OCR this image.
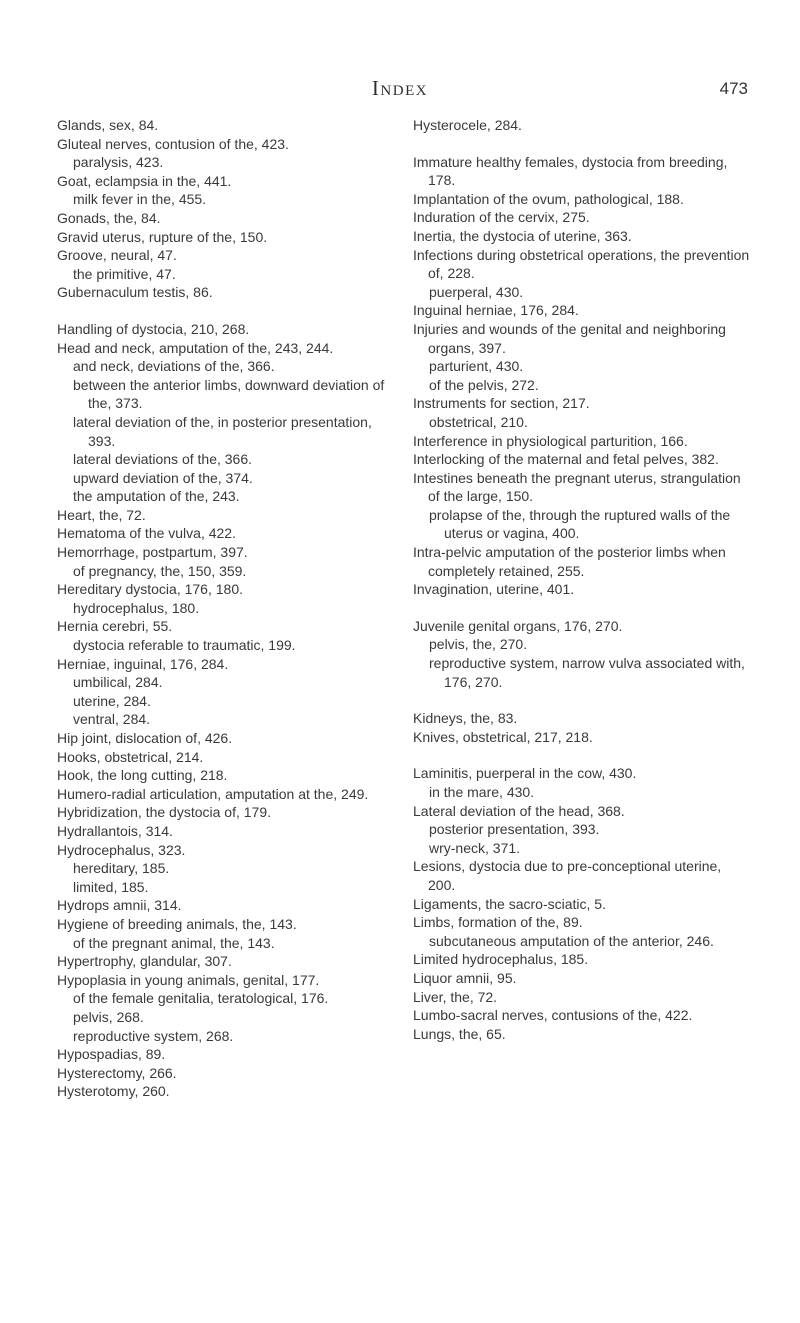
Index	473
Glands, sex, 84.
Gluteal nerves, contusion of the, 423.
paralysis, 423.
Goat, eclampsia in the, 441.
milk fever in the, 455.
Gonads, the, 84.
Gravid uterus, rupture of the, 150.
Groove, neural, 47.
the primitive, 47.
Gubernaculum testis, 86.
Handling of dystocia, 210, 268.
Head and neck, amputation of the, 243, 244.
and neck, deviations of the, 366.
between the anterior limbs, downward deviation of the, 373.
lateral deviation of the, in posterior presentation, 393.
lateral deviations of the, 366.
upward deviation of the, 374.
the amputation of the, 243.
Heart, the, 72.
Hematoma of the vulva, 422.
Hemorrhage, postpartum, 397.
of pregnancy, the, 150, 359.
Hereditary dystocia, 176, 180.
hydrocephalus, 180.
Hernia cerebri, 55.
dystocia referable to traumatic, 199.
Herniae, inguinal, 176, 284.
umbilical, 284.
uterine, 284.
ventral, 284.
Hip joint, dislocation of, 426.
Hooks, obstetrical, 214.
Hook, the long cutting, 218.
Humero-radial articulation, amputation at the, 249.
Hybridization, the dystocia of, 179.
Hydrallantois, 314.
Hydrocephalus, 323.
hereditary, 185.
limited, 185.
Hydrops amnii, 314.
Hygiene of breeding animals, the, 143.
of the pregnant animal, the, 143.
Hypertrophy, glandular, 307.
Hypoplasia in young animals, genital, 177.
of the female genitalia, teratological, 176.
pelvis, 268.
reproductive system, 268.
Hypospadias, 89.
Hysterectomy, 266.
Hysterotomy, 260.
Hysterocele, 284.
Immature healthy females, dystocia from breeding, 178.
Implantation of the ovum, pathological, 188.
Induration of the cervix, 275.
Inertia, the dystocia of uterine, 363.
Infections during obstetrical operations, the prevention of, 228.
puerperal, 430.
Inguinal herniae, 176, 284.
Injuries and wounds of the genital and neighboring organs, 397.
parturient, 430.
of the pelvis, 272.
Instruments for section, 217.
obstetrical, 210.
Interference in physiological parturition, 166.
Interlocking of the maternal and fetal pelves, 382.
Intestines beneath the pregnant uterus, strangulation of the large, 150.
prolapse of the, through the ruptured walls of the uterus or vagina, 400.
Intra-pelvic amputation of the posterior limbs when completely retained, 255.
Invagination, uterine, 401.
Juvenile genital organs, 176, 270.
pelvis, the, 270.
reproductive system, narrow vulva associated with, 176, 270.
Kidneys, the, 83.
Knives, obstetrical, 217, 218.
Laminitis, puerperal in the cow, 430.
in the mare, 430.
Lateral deviation of the head, 368.
posterior presentation, 393.
wry-neck, 371.
Lesions, dystocia due to pre-conceptional uterine, 200.
Ligaments, the sacro-sciatic, 5.
Limbs, formation of the, 89.
subcutaneous amputation of the anterior, 246.
Limited hydrocephalus, 185.
Liquor amnii, 95.
Liver, the, 72.
Lumbo-sacral nerves, contusions of the, 422.
Lungs, the, 65.
